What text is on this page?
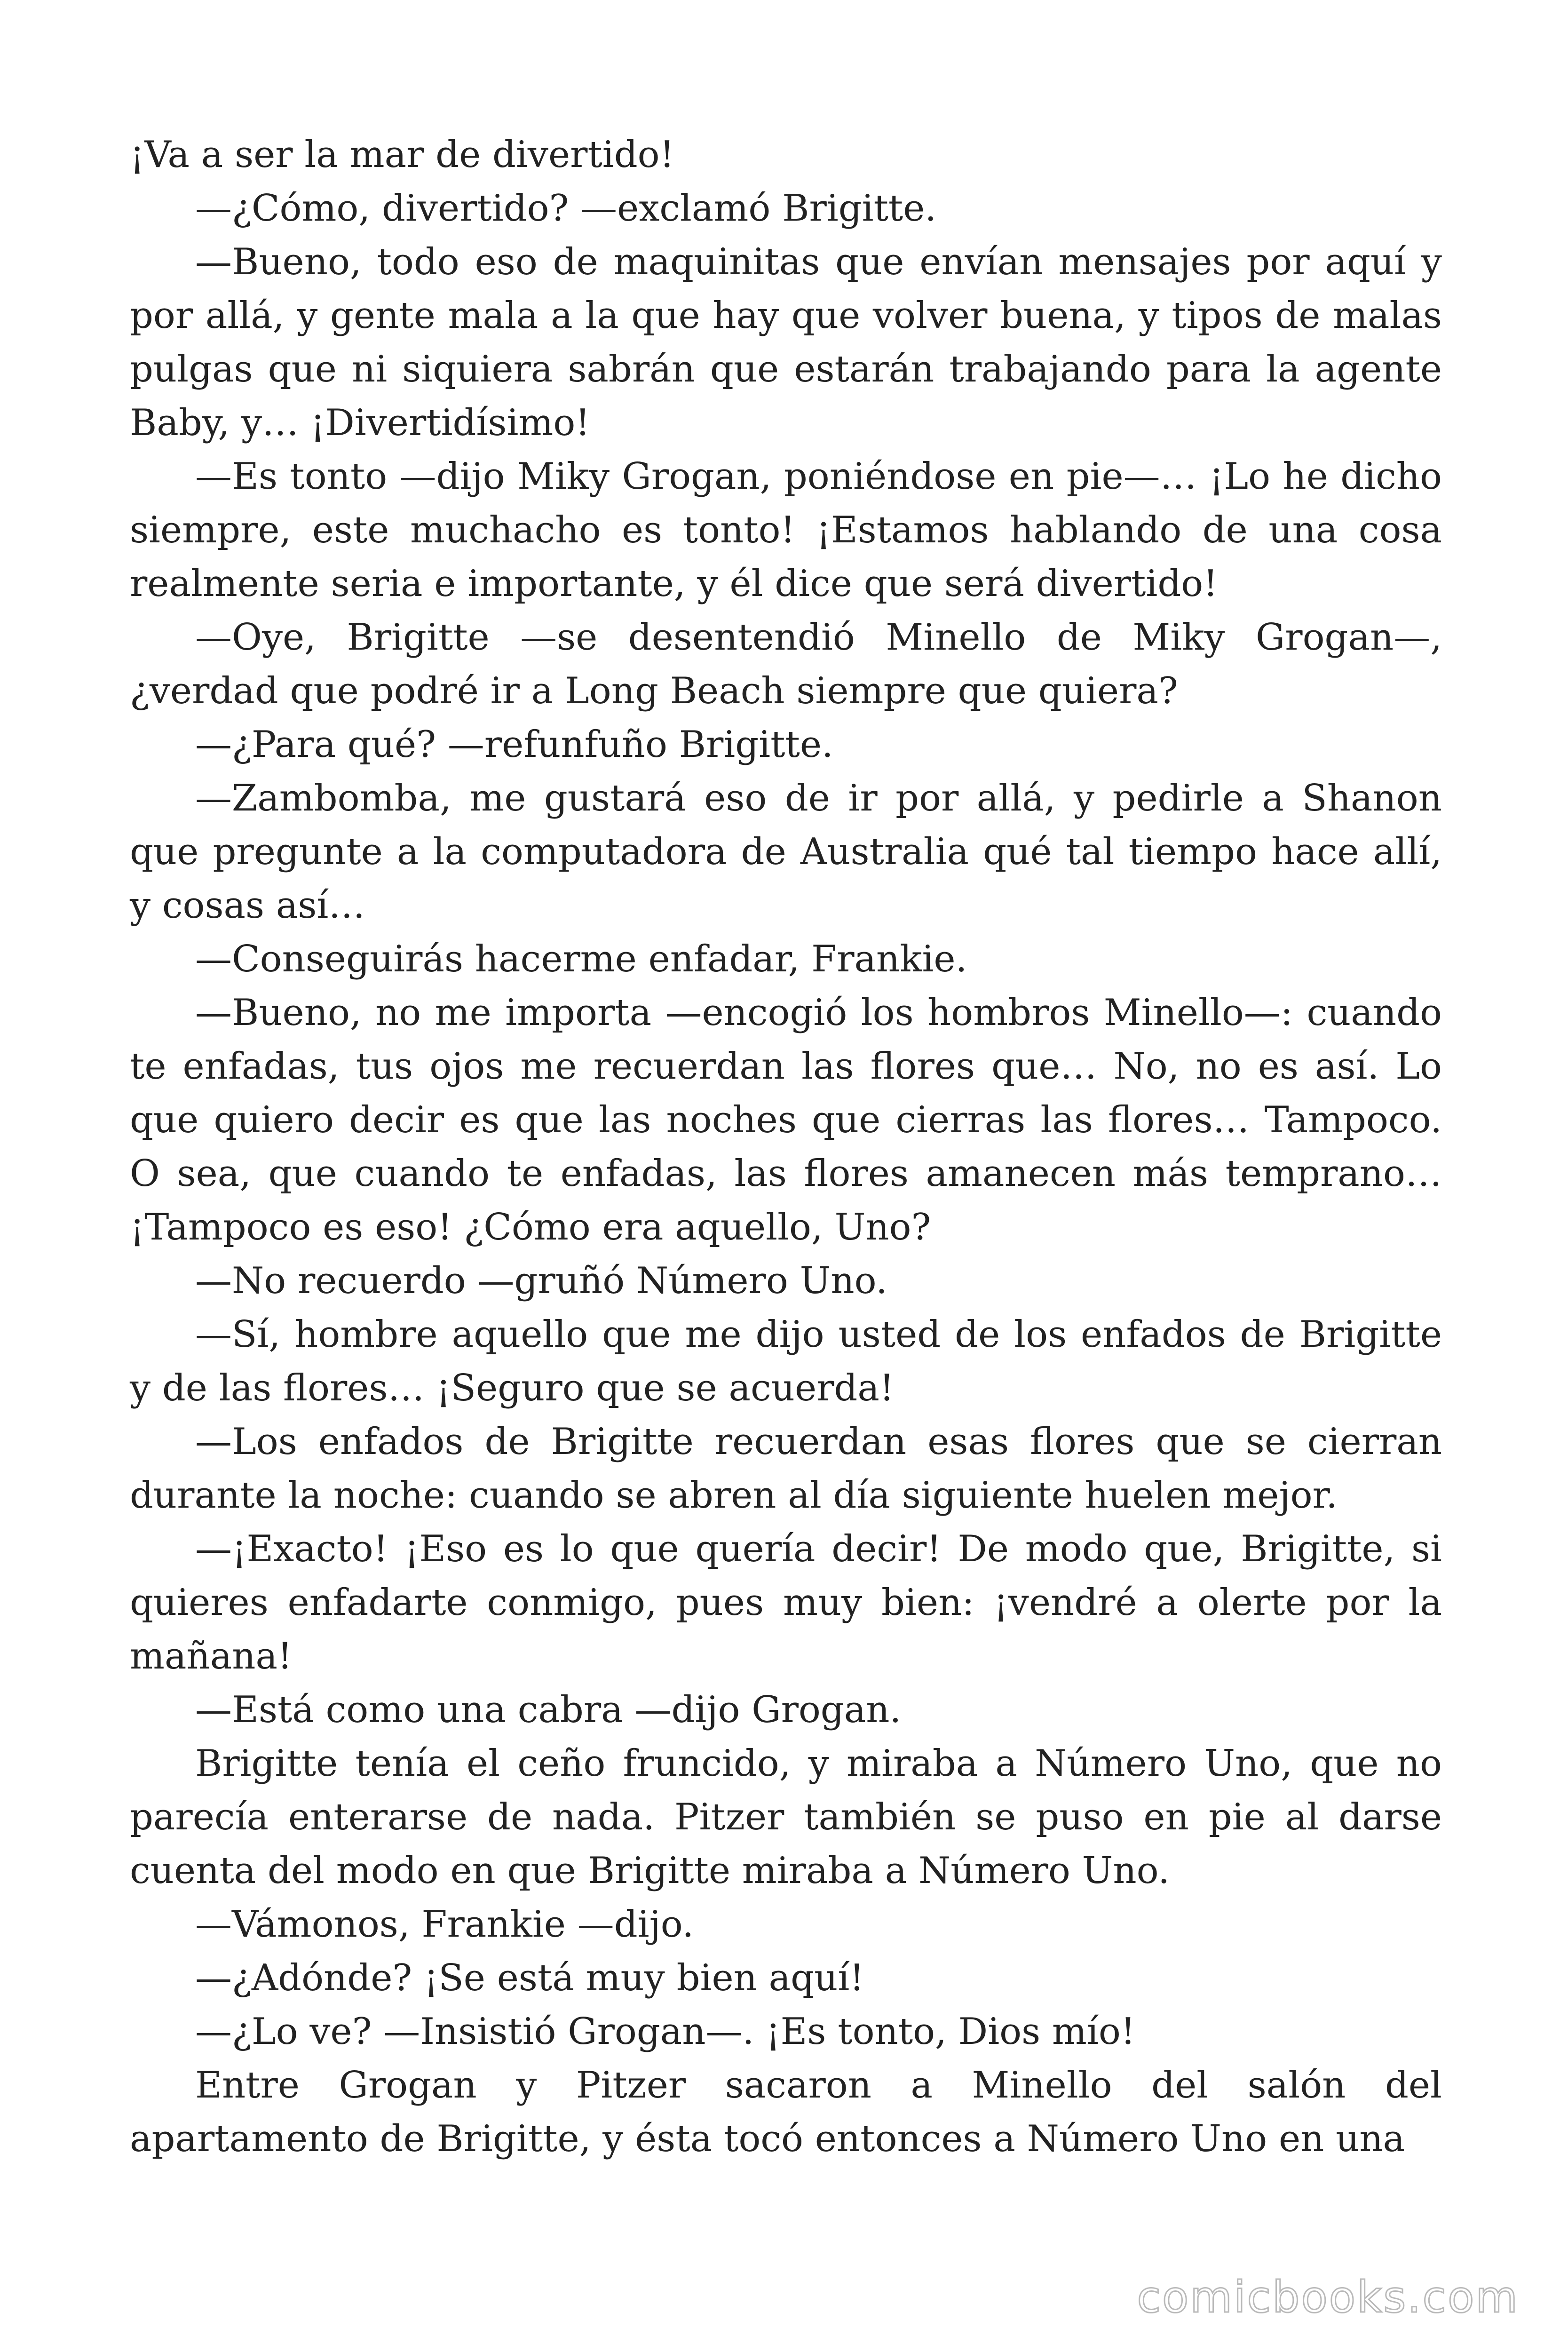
¡Va a ser la mar de divertido!

—¿Cómo, divertido? —exclamó Brigitte.

—Bueno, todo eso de maquinitas que envían mensajes por aquí y por allá, y gente mala a la que hay que volver buena, y tipos de malas pulgas que ni siquiera sabrán que estarán trabajando para la agente Baby, y… ¡Divertidísimo!

—Es tonto —dijo Miky Grogan, poniéndose en pie—… ¡Lo he dicho siempre, este muchacho es tonto! ¡Estamos hablando de una cosa realmente seria e importante, y él dice que será divertido!

—Oye, Brigitte —se desentendió Minello de Miky Grogan—, ¿verdad que podré ir a Long Beach siempre que quiera?

—¿Para qué? —refunfuño Brigitte.

—Zambomba, me gustará eso de ir por allá, y pedirle a Shanon que pregunte a la computadora de Australia qué tal tiempo hace allí, y cosas así…

—Conseguirás hacerme enfadar, Frankie.

—Bueno, no me importa —encogió los hombros Minello—: cuando te enfadas, tus ojos me recuerdan las flores que… No, no es así. Lo que quiero decir es que las noches que cierras las flores… Tampoco. O sea, que cuando te enfadas, las flores amanecen más temprano… ¡Tampoco es eso! ¿Cómo era aquello, Uno?

—No recuerdo —gruñó Número Uno.

—Sí, hombre aquello que me dijo usted de los enfados de Brigitte y de las flores… ¡Seguro que se acuerda!

—Los enfados de Brigitte recuerdan esas flores que se cierran durante la noche: cuando se abren al día siguiente huelen mejor.

—¡Exacto! ¡Eso es lo que quería decir! De modo que, Brigitte, si quieres enfadarte conmigo, pues muy bien: ¡vendré a olerte por la mañana!

—Está como una cabra —dijo Grogan.

Brigitte tenía el ceño fruncido, y miraba a Número Uno, que no parecía enterarse de nada. Pitzer también se puso en pie al darse cuenta del modo en que Brigitte miraba a Número Uno.

—Vámonos, Frankie —dijo.

—¿Adónde? ¡Se está muy bien aquí!

—¿Lo ve? —Insistió Grogan—. ¡Es tonto, Dios mío!

Entre Grogan y Pitzer sacaron a Minello del salón del apartamento de Brigitte, y ésta tocó entonces a Número Uno en una

comicbooks.com
